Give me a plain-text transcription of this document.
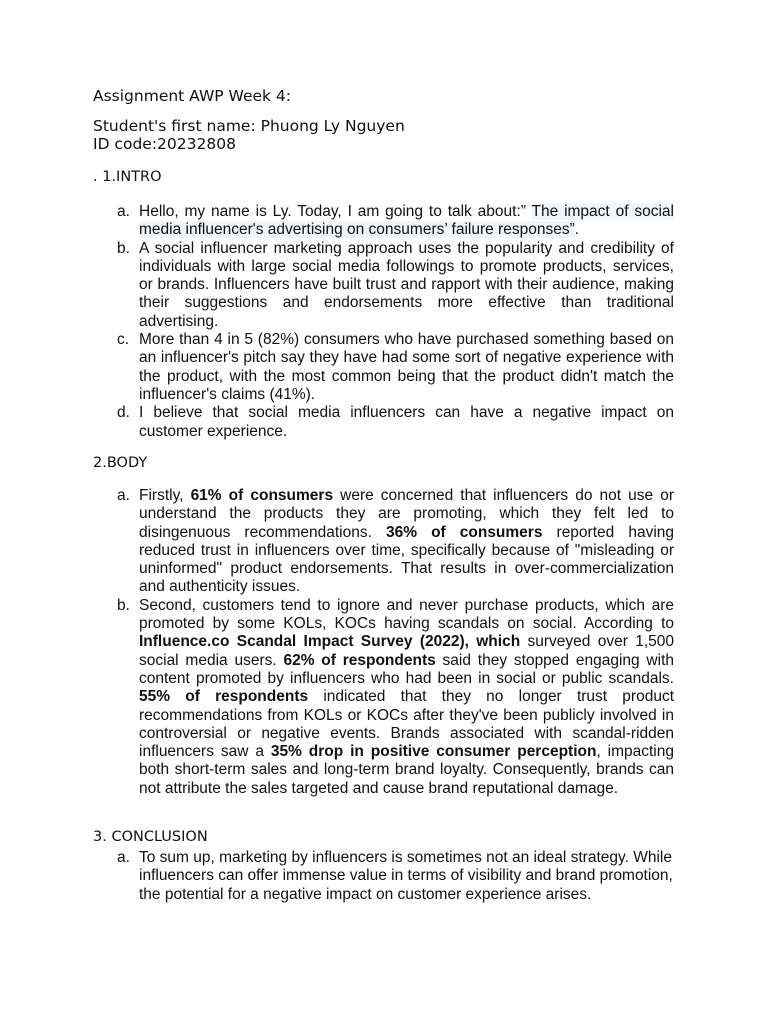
Assignment AWP Week 4:
Student's first name: Phuong Ly Nguyen
ID code:20232808
. 1.INTRO
a. Hello, my name is Ly. Today, I am going to talk about:” The impact of social media influencer's advertising on consumers’ failure responses”.
b. A social influencer marketing approach uses the popularity and credibility of individuals with large social media followings to promote products, services, or brands. Influencers have built trust and rapport with their audience, making their suggestions and endorsements more effective than traditional advertising.
c. More than 4 in 5 (82%) consumers who have purchased something based on an influencer's pitch say they have had some sort of negative experience with the product, with the most common being that the product didn't match the influencer's claims (41%).
d. I believe that social media influencers can have a negative impact on customer experience.
2.BODY
a. Firstly, 61% of consumers were concerned that influencers do not use or understand the products they are promoting, which they felt led to disingenuous recommendations. 36% of consumers reported having reduced trust in influencers over time, specifically because of "misleading or uninformed" product endorsements. That results in over-commercialization and authenticity issues.
b. Second, customers tend to ignore and never purchase products, which are promoted by some KOLs, KOCs having scandals on social. According to Influence.co Scandal Impact Survey (2022), which surveyed over 1,500 social media users. 62% of respondents said they stopped engaging with content promoted by influencers who had been in social or public scandals. 55% of respondents indicated that they no longer trust product recommendations from KOLs or KOCs after they've been publicly involved in controversial or negative events. Brands associated with scandal-ridden influencers saw a 35% drop in positive consumer perception, impacting both short-term sales and long-term brand loyalty. Consequently, brands can not attribute the sales targeted and cause brand reputational damage.
3. CONCLUSION
a. To sum up, marketing by influencers is sometimes not an ideal strategy. While influencers can offer immense value in terms of visibility and brand promotion, the potential for a negative impact on customer experience arises.
